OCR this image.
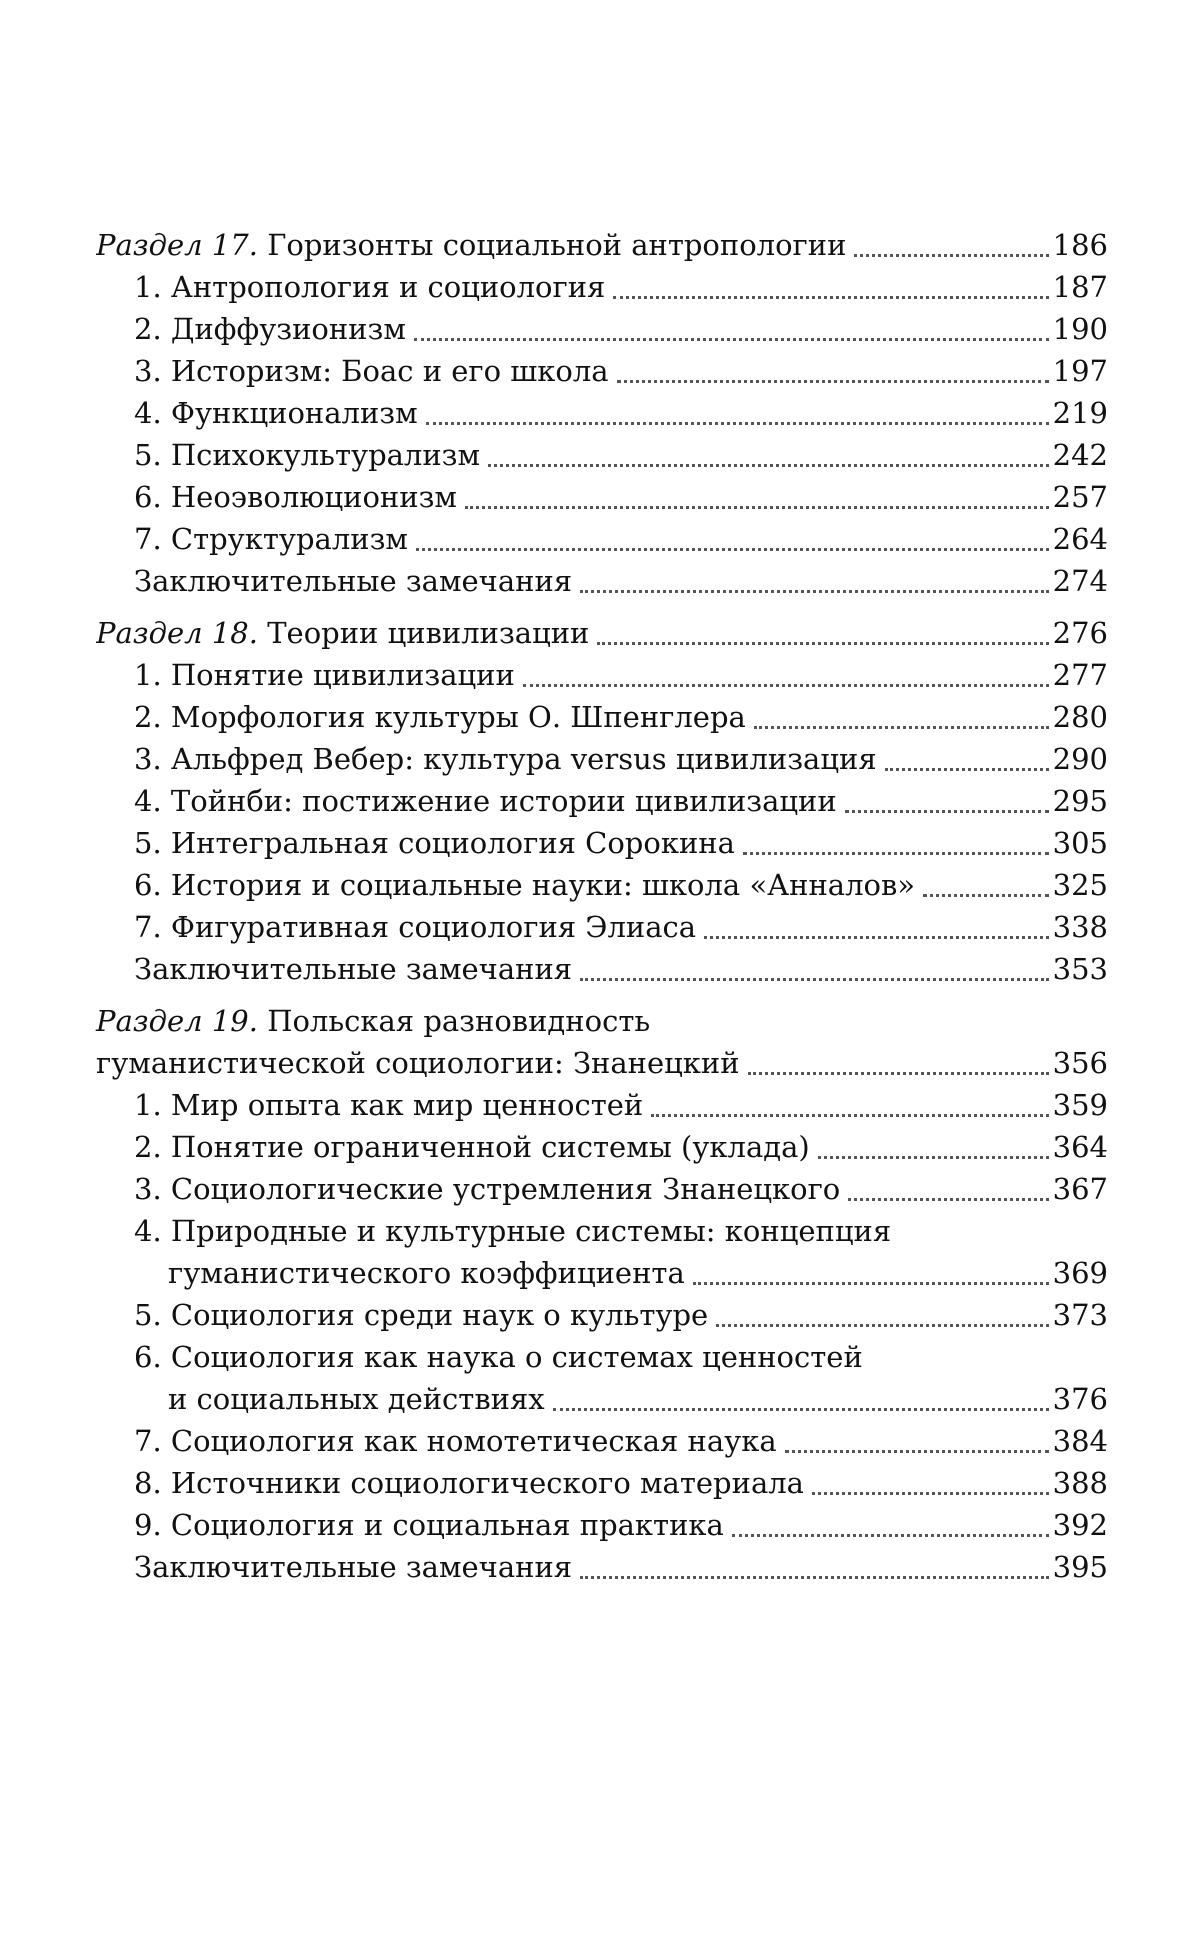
Раздел 17. Горизонты социальной антропологии	186
1. Антропология и социология	187
2. Диффузионизм	190
3. Историзм: Боас и его школа	197
4. Функционализм	219
5. Психокультурализм	242
6. Неоэволюционизм	257
7. Структурализм	264
Заключительные замечания	274
Раздел 18. Теории цивилизации	276
1. Понятие цивилизации	277
2. Морфология культуры О. Шпенглера	280
3. Альфред Вебер: культура versus цивилизация	290
4. Тойнби: постижение истории цивилизации	295
5. Интегральная социология Сорокина	305
6. История и социальные науки: школа «Анналов»	325
7. Фигуративная социология Элиаса	338
Заключительные замечания	353
Раздел 19. Польская разновидность
гуманистической социологии: Знанецкий	356
1. Мир опыта как мир ценностей	359
2. Понятие ограниченной системы (уклада)	364
3. Социологические устремления Знанецкого	367
4. Природные и культурные системы: концепция
гуманистического коэффициента	369
5. Социология среди наук о культуре	373
6. Социология как наука о системах ценностей
и социальных действиях	376
7. Социология как номотетическая наука	384
8. Источники социологического материала	388
9. Социология и социальная практика	392
Заключительные замечания	395
